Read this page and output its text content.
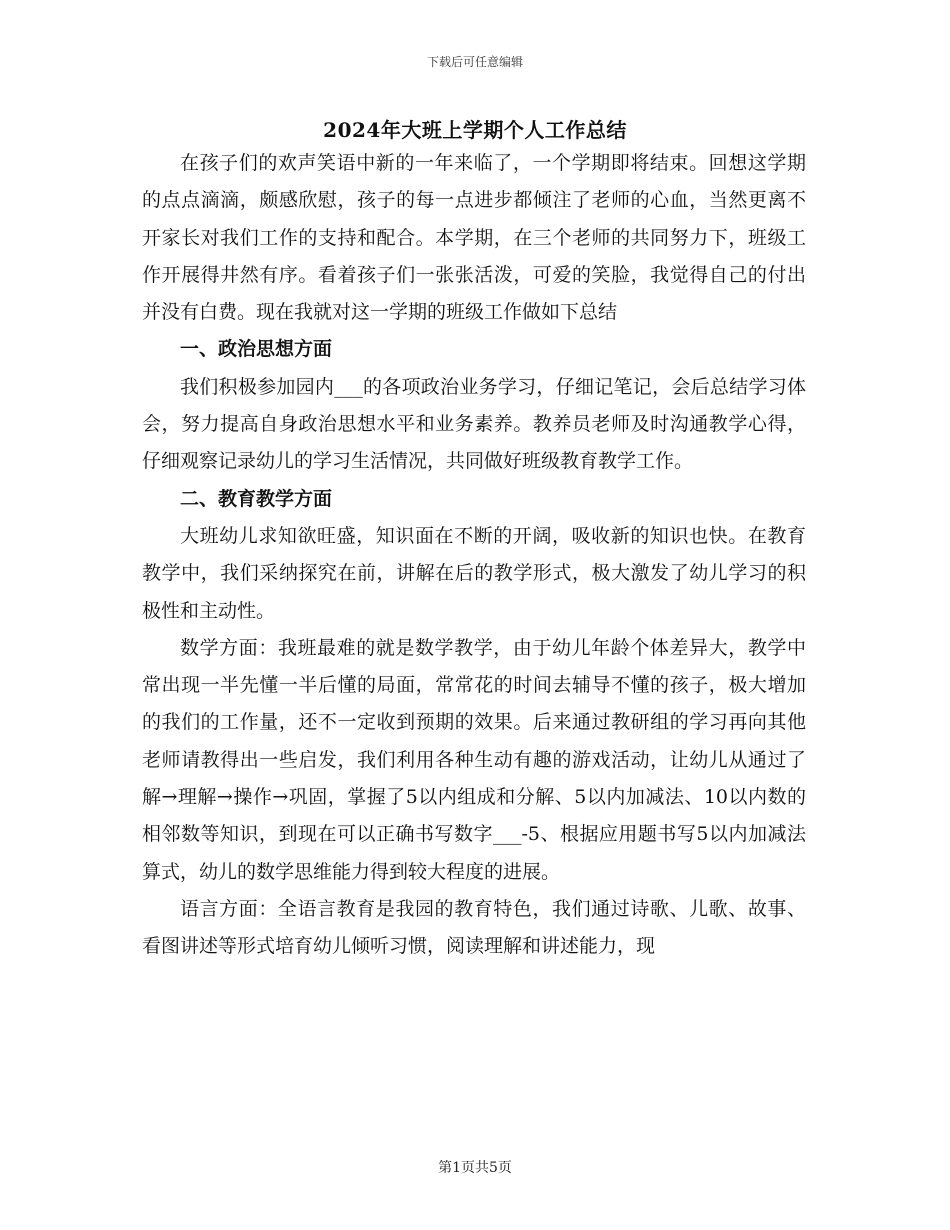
下载后可任意编辑
2024年大班上学期个人工作总结

在孩子们的欢声笑语中新的一年来临了，一个学期即将结束。回想这学期的点点滴滴，颇感欣慰，孩子的每一点进步都倾注了老师的心血，当然更离不开家长对我们工作的支持和配合。本学期，在三个老师的共同努力下，班级工作开展得井然有序。看着孩子们一张张活泼，可爱的笑脸，我觉得自己的付出并没有白费。现在我就对这一学期的班级工作做如下总结

一、政治思想方面

我们积极参加园内___的各项政治业务学习，仔细记笔记，会后总结学习体会，努力提高自身政治思想水平和业务素养。教养员老师及时沟通教学心得，仔细观察记录幼儿的学习生活情况，共同做好班级教育教学工作。

二、教育教学方面

大班幼儿求知欲旺盛，知识面在不断的开阔，吸收新的知识也快。在教育教学中，我们采纳探究在前，讲解在后的教学形式，极大激发了幼儿学习的积极性和主动性。

数学方面：我班最难的就是数学教学，由于幼儿年龄个体差异大，教学中常出现一半先懂一半后懂的局面，常常花的时间去辅导不懂的孩子，极大增加的我们的工作量，还不一定收到预期的效果。后来通过教研组的学习再向其他老师请教得出一些启发，我们利用各种生动有趣的游戏活动，让幼儿从通过了解→理解→操作→巩固，掌握了5以内组成和分解、5以内加减法、10以内数的相邻数等知识，到现在可以正确书写数字___-5、根据应用题书写5以内加减法算式，幼儿的数学思维能力得到较大程度的进展。

语言方面：全语言教育是我园的教育特色，我们通过诗歌、儿歌、故事、看图讲述等形式培育幼儿倾听习惯，阅读理解和讲述能力，现

第1页共5页
